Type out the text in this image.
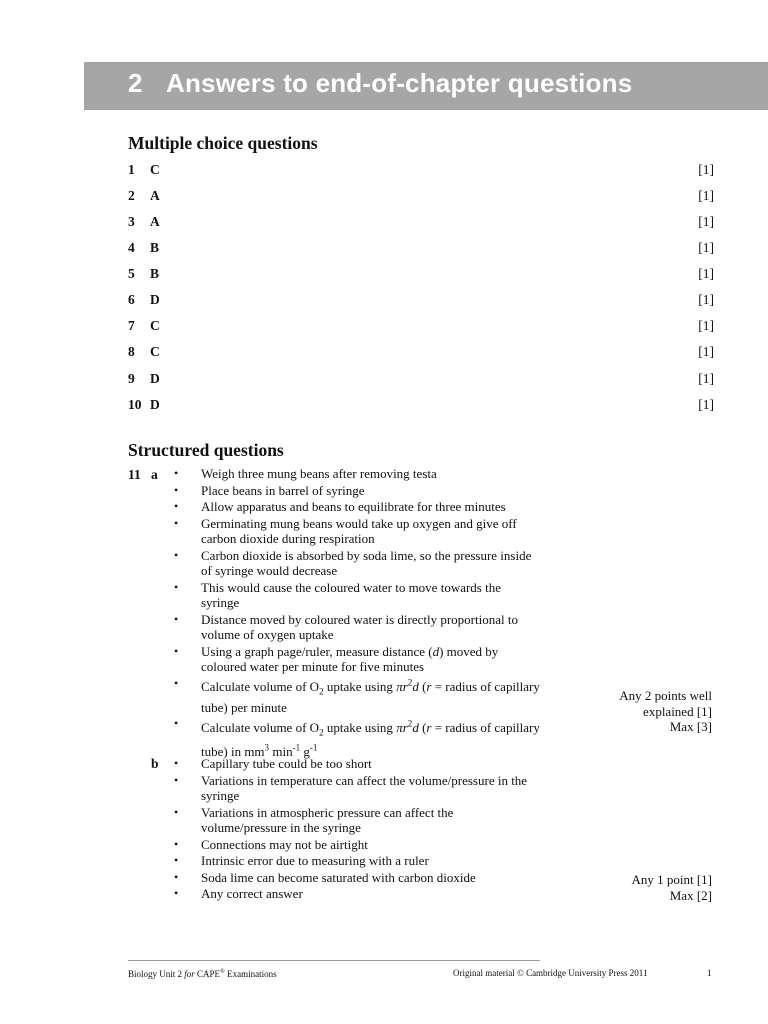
2 Answers to end-of-chapter questions
Multiple choice questions
1 C	[1]
2 A	[1]
3 A	[1]
4 B	[1]
5 B	[1]
6 D	[1]
7 C	[1]
8 C	[1]
9 D	[1]
10 D	[1]
Structured questions
11 a • Weigh three mung beans after removing testa
• Place beans in barrel of syringe
• Allow apparatus and beans to equilibrate for three minutes
• Germinating mung beans would take up oxygen and give off carbon dioxide during respiration
• Carbon dioxide is absorbed by soda lime, so the pressure inside of syringe would decrease
• This would cause the coloured water to move towards the syringe
• Distance moved by coloured water is directly proportional to volume of oxygen uptake
• Using a graph page/ruler, measure distance (d) moved by coloured water per minute for five minutes
• Calculate volume of $O_2$ uptake using $\pi r^2d$ (r = radius of capillary tube) per minute
• Calculate volume of $O_2$ uptake using $\pi r^2d$ (r = radius of capillary tube) in $mm^3$ $\min^{-1} g^{-1}$
Any 2 points well
explained [1]
Max [3]
b • Capillary tube could be too short
• Variations in temperature can affect the volume/pressure in the syringe
• Variations in atmospheric pressure can affect the volume/pressure in the syringe
• Connections may not be airtight
• Intrinsic error due to measuring with a ruler
• Soda lime can become saturated with carbon dioxide
• Any correct answer
Any 1 point [1]
Max [2]
Biology Unit 2 for CAPE® Examinations	Original material © Cambridge University Press 2011	1
